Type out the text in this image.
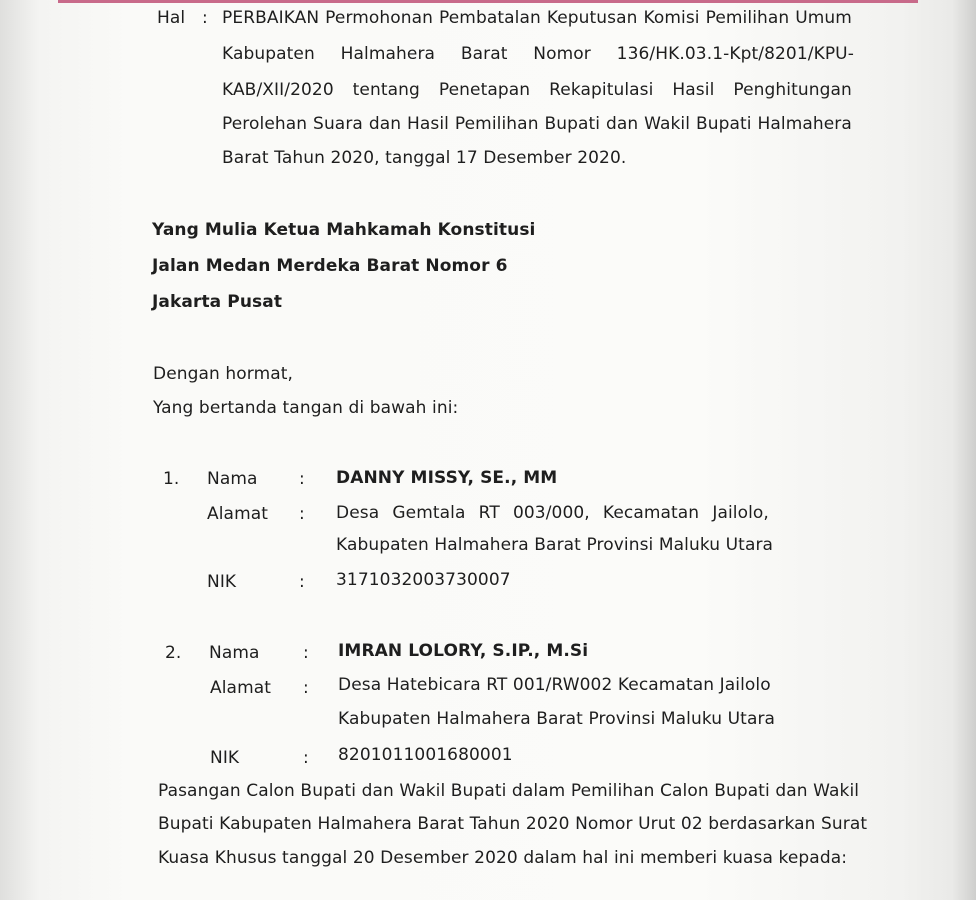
Hal : PERBAIKAN Permohonan Pembatalan Keputusan Komisi Pemilihan Umum
Kabupaten Halmahera Barat Nomor 136/HK.03.1-Kpt/8201/KPU-
KAB/XII/2020 tentang Penetapan Rekapitulasi Hasil Penghitungan
Perolehan Suara dan Hasil Pemilihan Bupati dan Wakil Bupati Halmahera
Barat Tahun 2020, tanggal 17 Desember 2020.
Yang Mulia Ketua Mahkamah Konstitusi
Jalan Medan Merdeka Barat Nomor 6
Jakarta Pusat
Dengan hormat,
Yang bertanda tangan di bawah ini:
1. Nama : DANNY MISSY, SE., MM
Alamat : Desa Gemtala RT 003/000, Kecamatan Jailolo,
Kabupaten Halmahera Barat Provinsi Maluku Utara
NIK	: 3171032003730007
2. Nama	: IMRAN LOLORY, S.IP., M.Si
Alamat : Desa Hatebicara RT 001/RW002 Kecamatan Jailolo
Kabupaten Halmahera Barat Provinsi Maluku Utara
NIK	: 8201011001680001
Pasangan Calon Bupati dan Wakil Bupati dalam Pemilihan Calon Bupati dan Wakil
Bupati Kabupaten Halmahera Barat Tahun 2020 Nomor Urut 02 berdasarkan Surat
Kuasa Khusus tanggal 20 Desember 2020 dalam hal ini memberi kuasa kepada:
